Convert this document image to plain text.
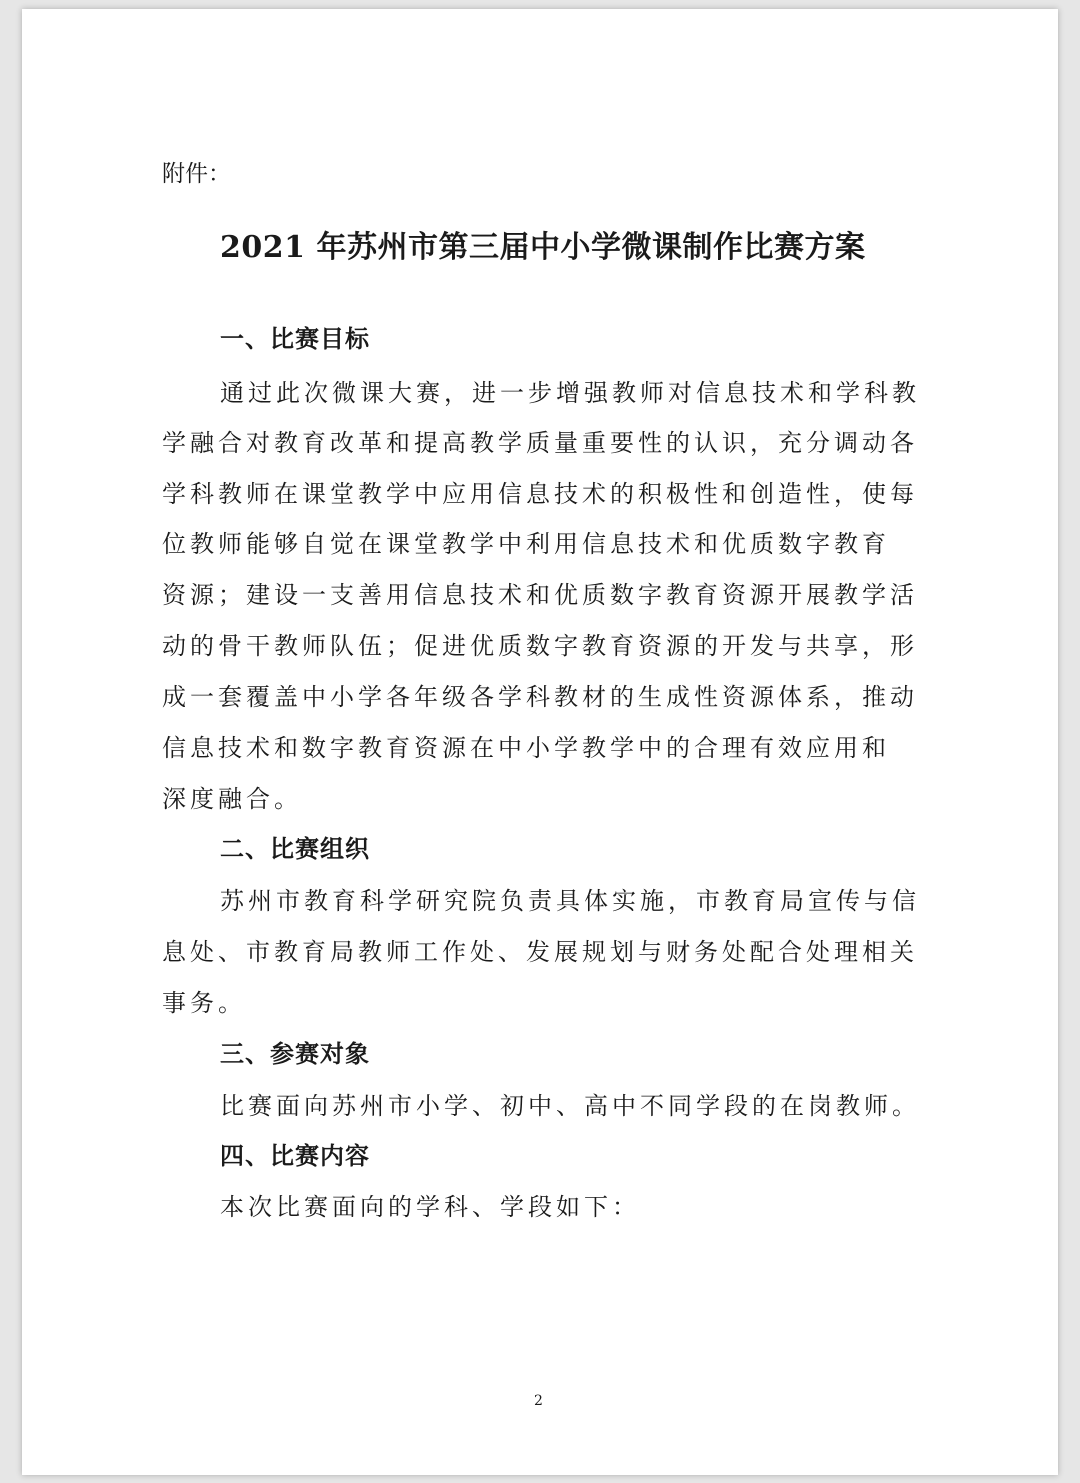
附件：
2021 年苏州市第三届中小学微课制作比赛方案
一、比赛目标
通过此次微课大赛，进一步增强教师对信息技术和学科教
学融合对教育改革和提高教学质量重要性的认识，充分调动各
学科教师在课堂教学中应用信息技术的积极性和创造性，使每
位教师能够自觉在课堂教学中利用信息技术和优质数字教育
资源；建设一支善用信息技术和优质数字教育资源开展教学活
动的骨干教师队伍；促进优质数字教育资源的开发与共享，形
成一套覆盖中小学各年级各学科教材的生成性资源体系，推动
信息技术和数字教育资源在中小学教学中的合理有效应用和
深度融合。
二、比赛组织
苏州市教育科学研究院负责具体实施，市教育局宣传与信
息处、市教育局教师工作处、发展规划与财务处配合处理相关
事务。
三、参赛对象
比赛面向苏州市小学、初中、高中不同学段的在岗教师。
四、比赛内容
本次比赛面向的学科、学段如下：
2
